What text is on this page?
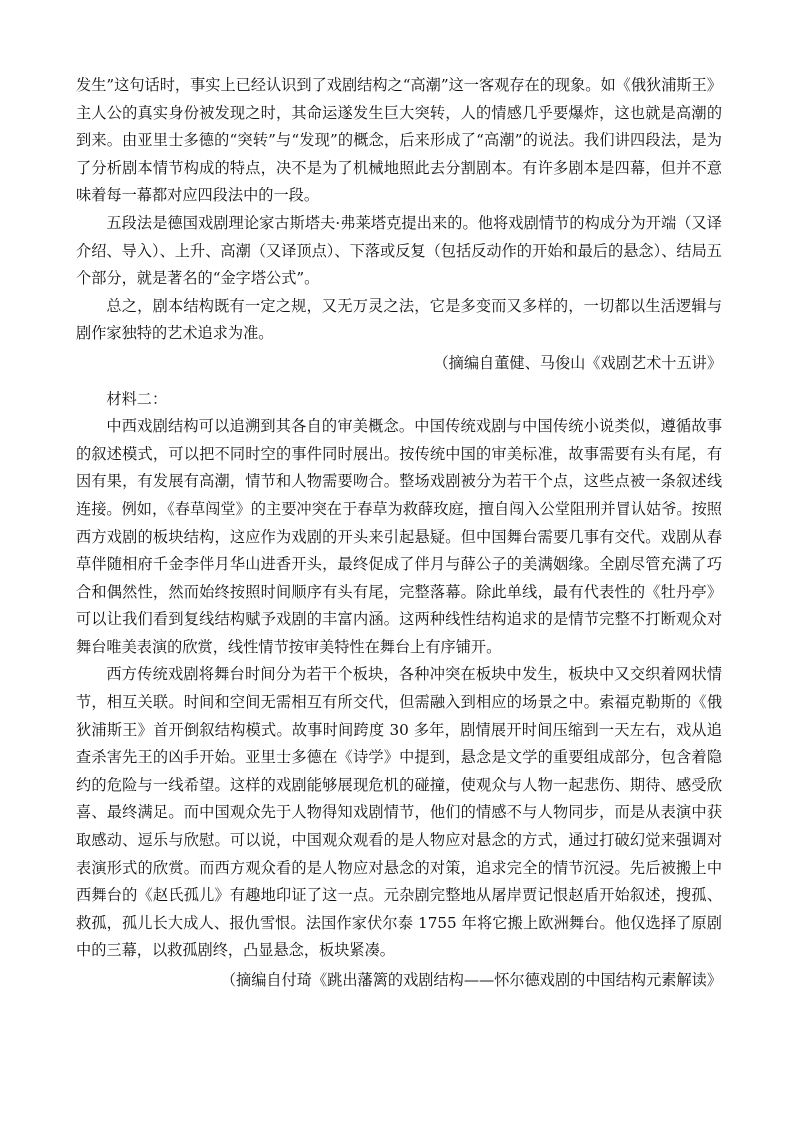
发生”这句话时，事实上已经认识到了戏剧结构之“高潮”这一客观存在的现象。如《俄狄浦斯王》主人公的真实身份被发现之时，其命运遂发生巨大突转，人的情感几乎要爆炸，这也就是高潮的到来。由亚里士多德的“突转”与“发现”的概念，后来形成了“高潮”的说法。我们讲四段法，是为了分析剧本情节构成的特点，决不是为了机械地照此去分割剧本。有许多剧本是四幕，但并不意味着每一幕都对应四段法中的一段。

五段法是德国戏剧理论家古斯塔夫·弗莱塔克提出来的。他将戏剧情节的构成分为开端（又译介绍、导入）、上升、高潮（又译顶点）、下落或反复（包括反动作的开始和最后的悬念）、结局五个部分，就是著名的“金字塔公式”。

总之，剧本结构既有一定之规，又无万灵之法，它是多变而又多样的，一切都以生活逻辑与剧作家独特的艺术追求为准。

（摘编自董健、马俊山《戏剧艺术十五讲》

材料二：

中西戏剧结构可以追溯到其各自的审美概念。中国传统戏剧与中国传统小说类似，遵循故事的叙述模式，可以把不同时空的事件同时展出。按传统中国的审美标准，故事需要有头有尾，有因有果，有发展有高潮，情节和人物需要吻合。整场戏剧被分为若干个点，这些点被一条叙述线连接。例如，《春草闯堂》的主要冲突在于春草为救薛玫庭，擅自闯入公堂阻刑并冒认姑爷。按照西方戏剧的板块结构，这应作为戏剧的开头来引起悬疑。但中国舞台需要几事有交代。戏剧从春草伴随相府千金李伴月华山进香开头，最终促成了伴月与薛公子的美满姻缘。全剧尽管充满了巧合和偶然性，然而始终按照时间顺序有头有尾，完整落幕。除此单线，最有代表性的《牡丹亭》可以让我们看到复线结构赋予戏剧的丰富内涵。这两种线性结构追求的是情节完整不打断观众对舞台唯美表演的欣赏，线性情节按审美特性在舞台上有序铺开。

西方传统戏剧将舞台时间分为若干个板块，各种冲突在板块中发生，板块中又交织着网状情节，相互关联。时间和空间无需相互有所交代，但需融入到相应的场景之中。索福克勒斯的《俄狄浦斯王》首开倒叙结构模式。故事时间跨度 30 多年，剧情展开时间压缩到一天左右，戏从追查杀害先王的凶手开始。亚里士多德在《诗学》中提到，悬念是文学的重要组成部分，包含着隐约的危险与一线希望。这样的戏剧能够展现危机的碰撞，使观众与人物一起悲伤、期待、感受欣喜、最终满足。而中国观众先于人物得知戏剧情节，他们的情感不与人物同步，而是从表演中获取感动、逗乐与欣慰。可以说，中国观众观看的是人物应对悬念的方式，通过打破幻觉来强调对表演形式的欣赏。而西方观众看的是人物应对悬念的对策，追求完全的情节沉浸。先后被搬上中西舞台的《赵氏孤儿》有趣地印证了这一点。元杂剧完整地从屠岸贾记恨赵盾开始叙述，搜孤、救孤，孤儿长大成人、报仇雪恨。法国作家伏尔泰 1755 年将它搬上欧洲舞台。他仅选择了原剧中的三幕，以救孤剧终，凸显悬念，板块紧凑。

（摘编自付琦《跳出藩篱的戏剧结构——怀尔德戏剧的中国结构元素解读》
